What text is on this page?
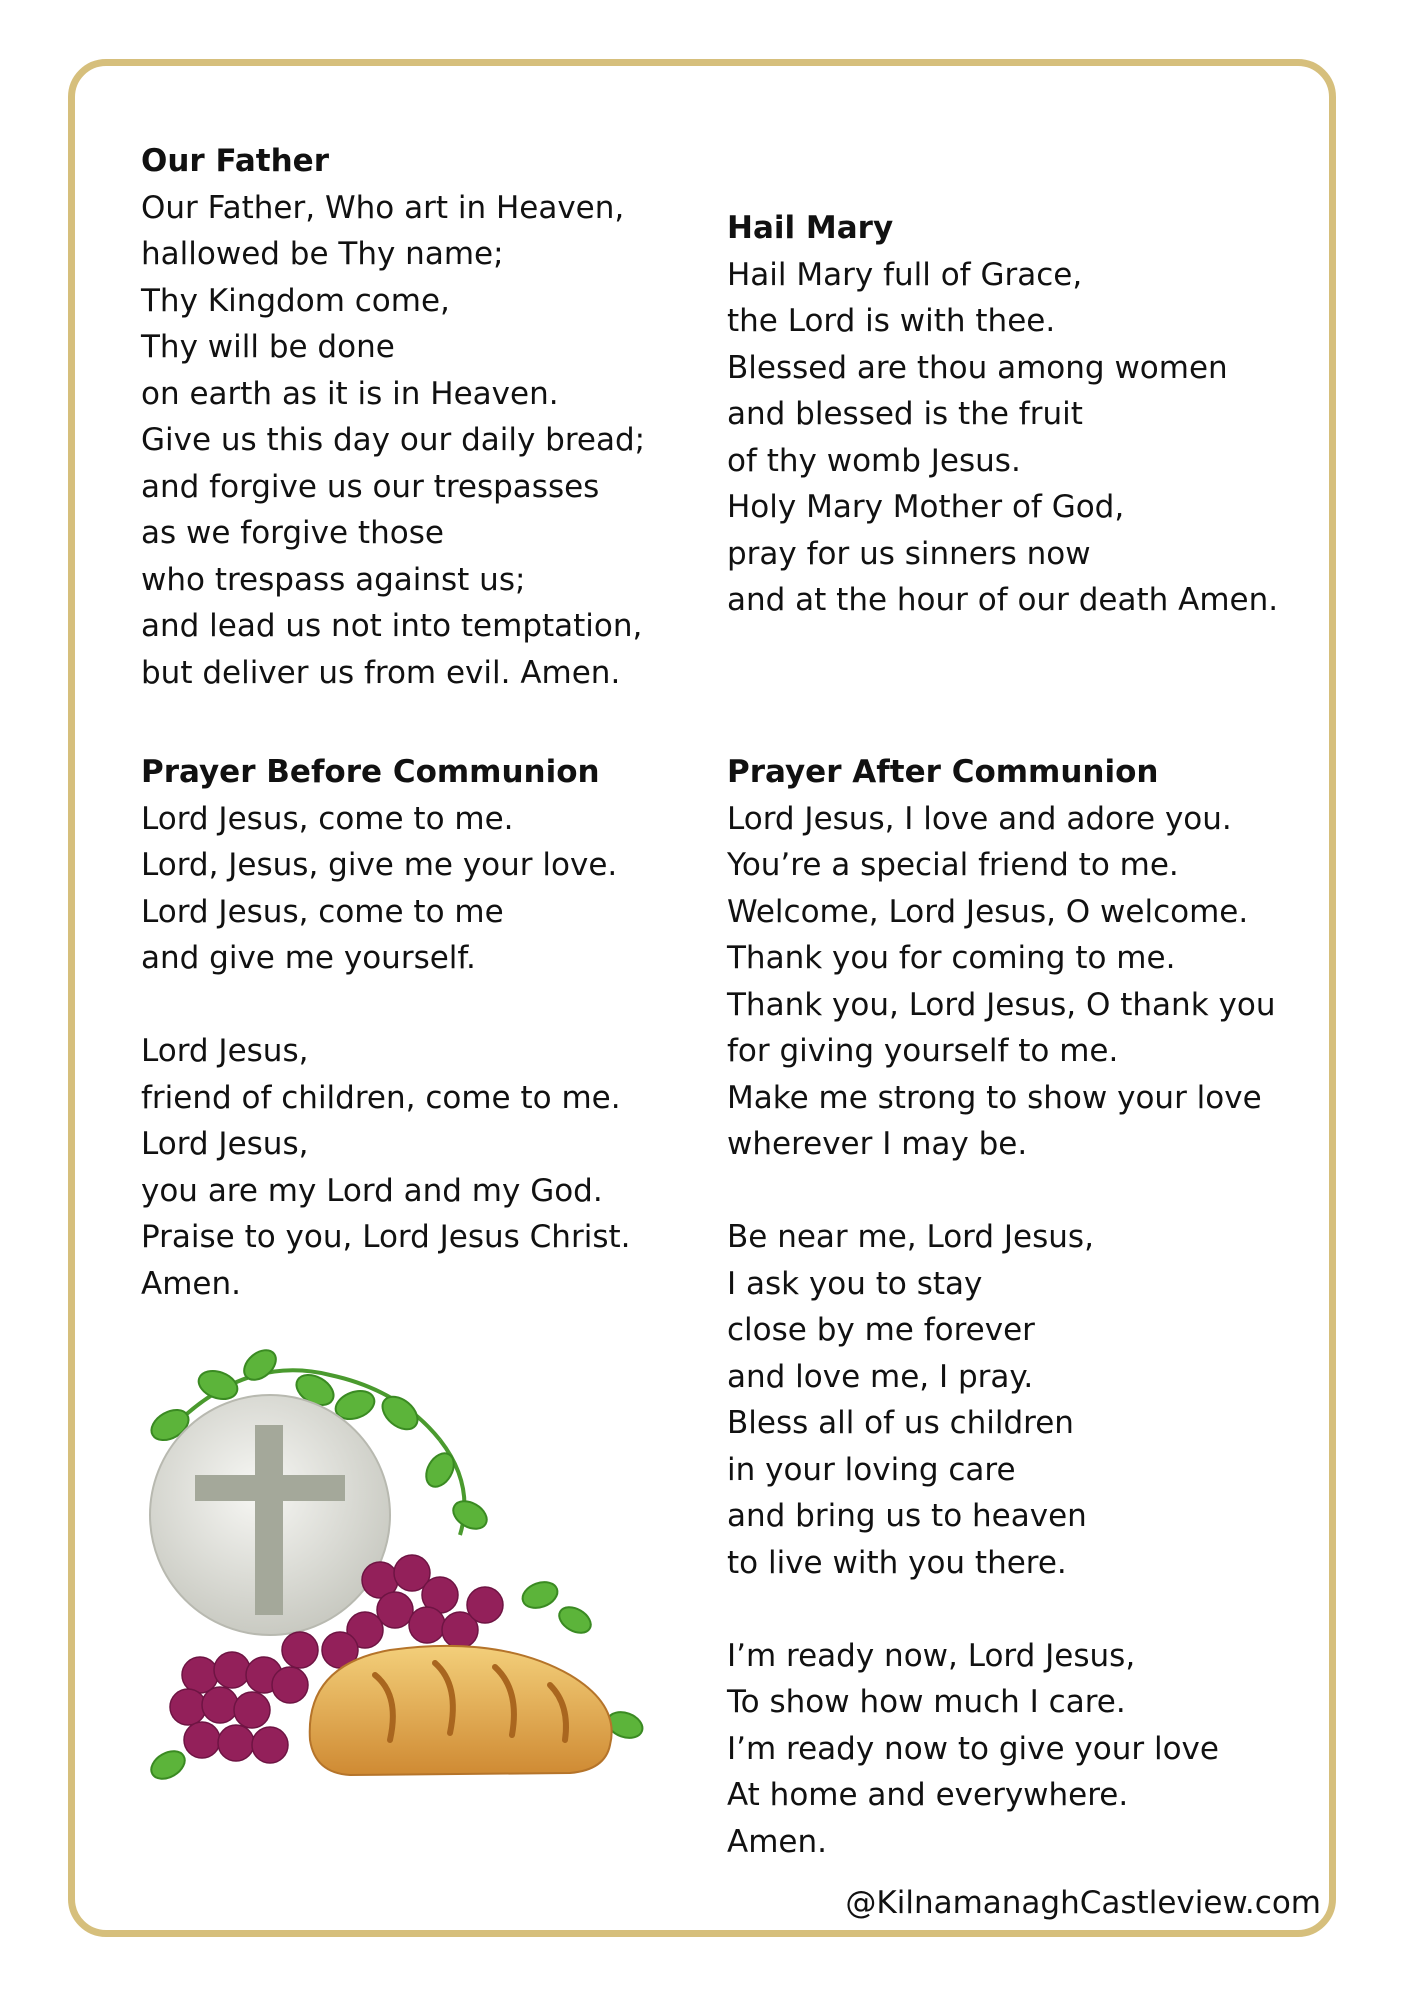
Our Father
Our Father, Who art in Heaven,
hallowed be Thy name;
Thy Kingdom come,
Thy will be done
on earth as it is in Heaven.
Give us this day our daily bread;
and forgive us our trespasses
as we forgive those
who trespass against us;
and lead us not into temptation,
but deliver us from evil. Amen.
Hail Mary
Hail Mary full of Grace,
the Lord is with thee.
Blessed are thou among women
and blessed is the fruit
of thy womb Jesus.
Holy Mary Mother of God,
pray for us sinners now
and at the hour of our death Amen.
Prayer Before Communion
Lord Jesus, come to me.
Lord, Jesus, give me your love.
Lord Jesus, come to me
and give me yourself.
Lord Jesus,
friend of children, come to me.
Lord Jesus,
you are my Lord and my God.
Praise to you, Lord Jesus Christ.
Amen.
Prayer After Communion
Lord Jesus, I love and adore you.
You’re a special friend to me.
Welcome, Lord Jesus, O welcome.
Thank you for coming to me.
Thank you, Lord Jesus, O thank you
for giving yourself to me.
Make me strong to show your love
wherever I may be.
Be near me, Lord Jesus,
I ask you to stay
close by me forever
and love me, I pray.
Bless all of us children
in your loving care
and bring us to heaven
to live with you there.
I’m ready now, Lord Jesus,
To show how much I care.
I’m ready now to give your love
At home and everywhere.
Amen.
@KilnamanaghCastleview.com
